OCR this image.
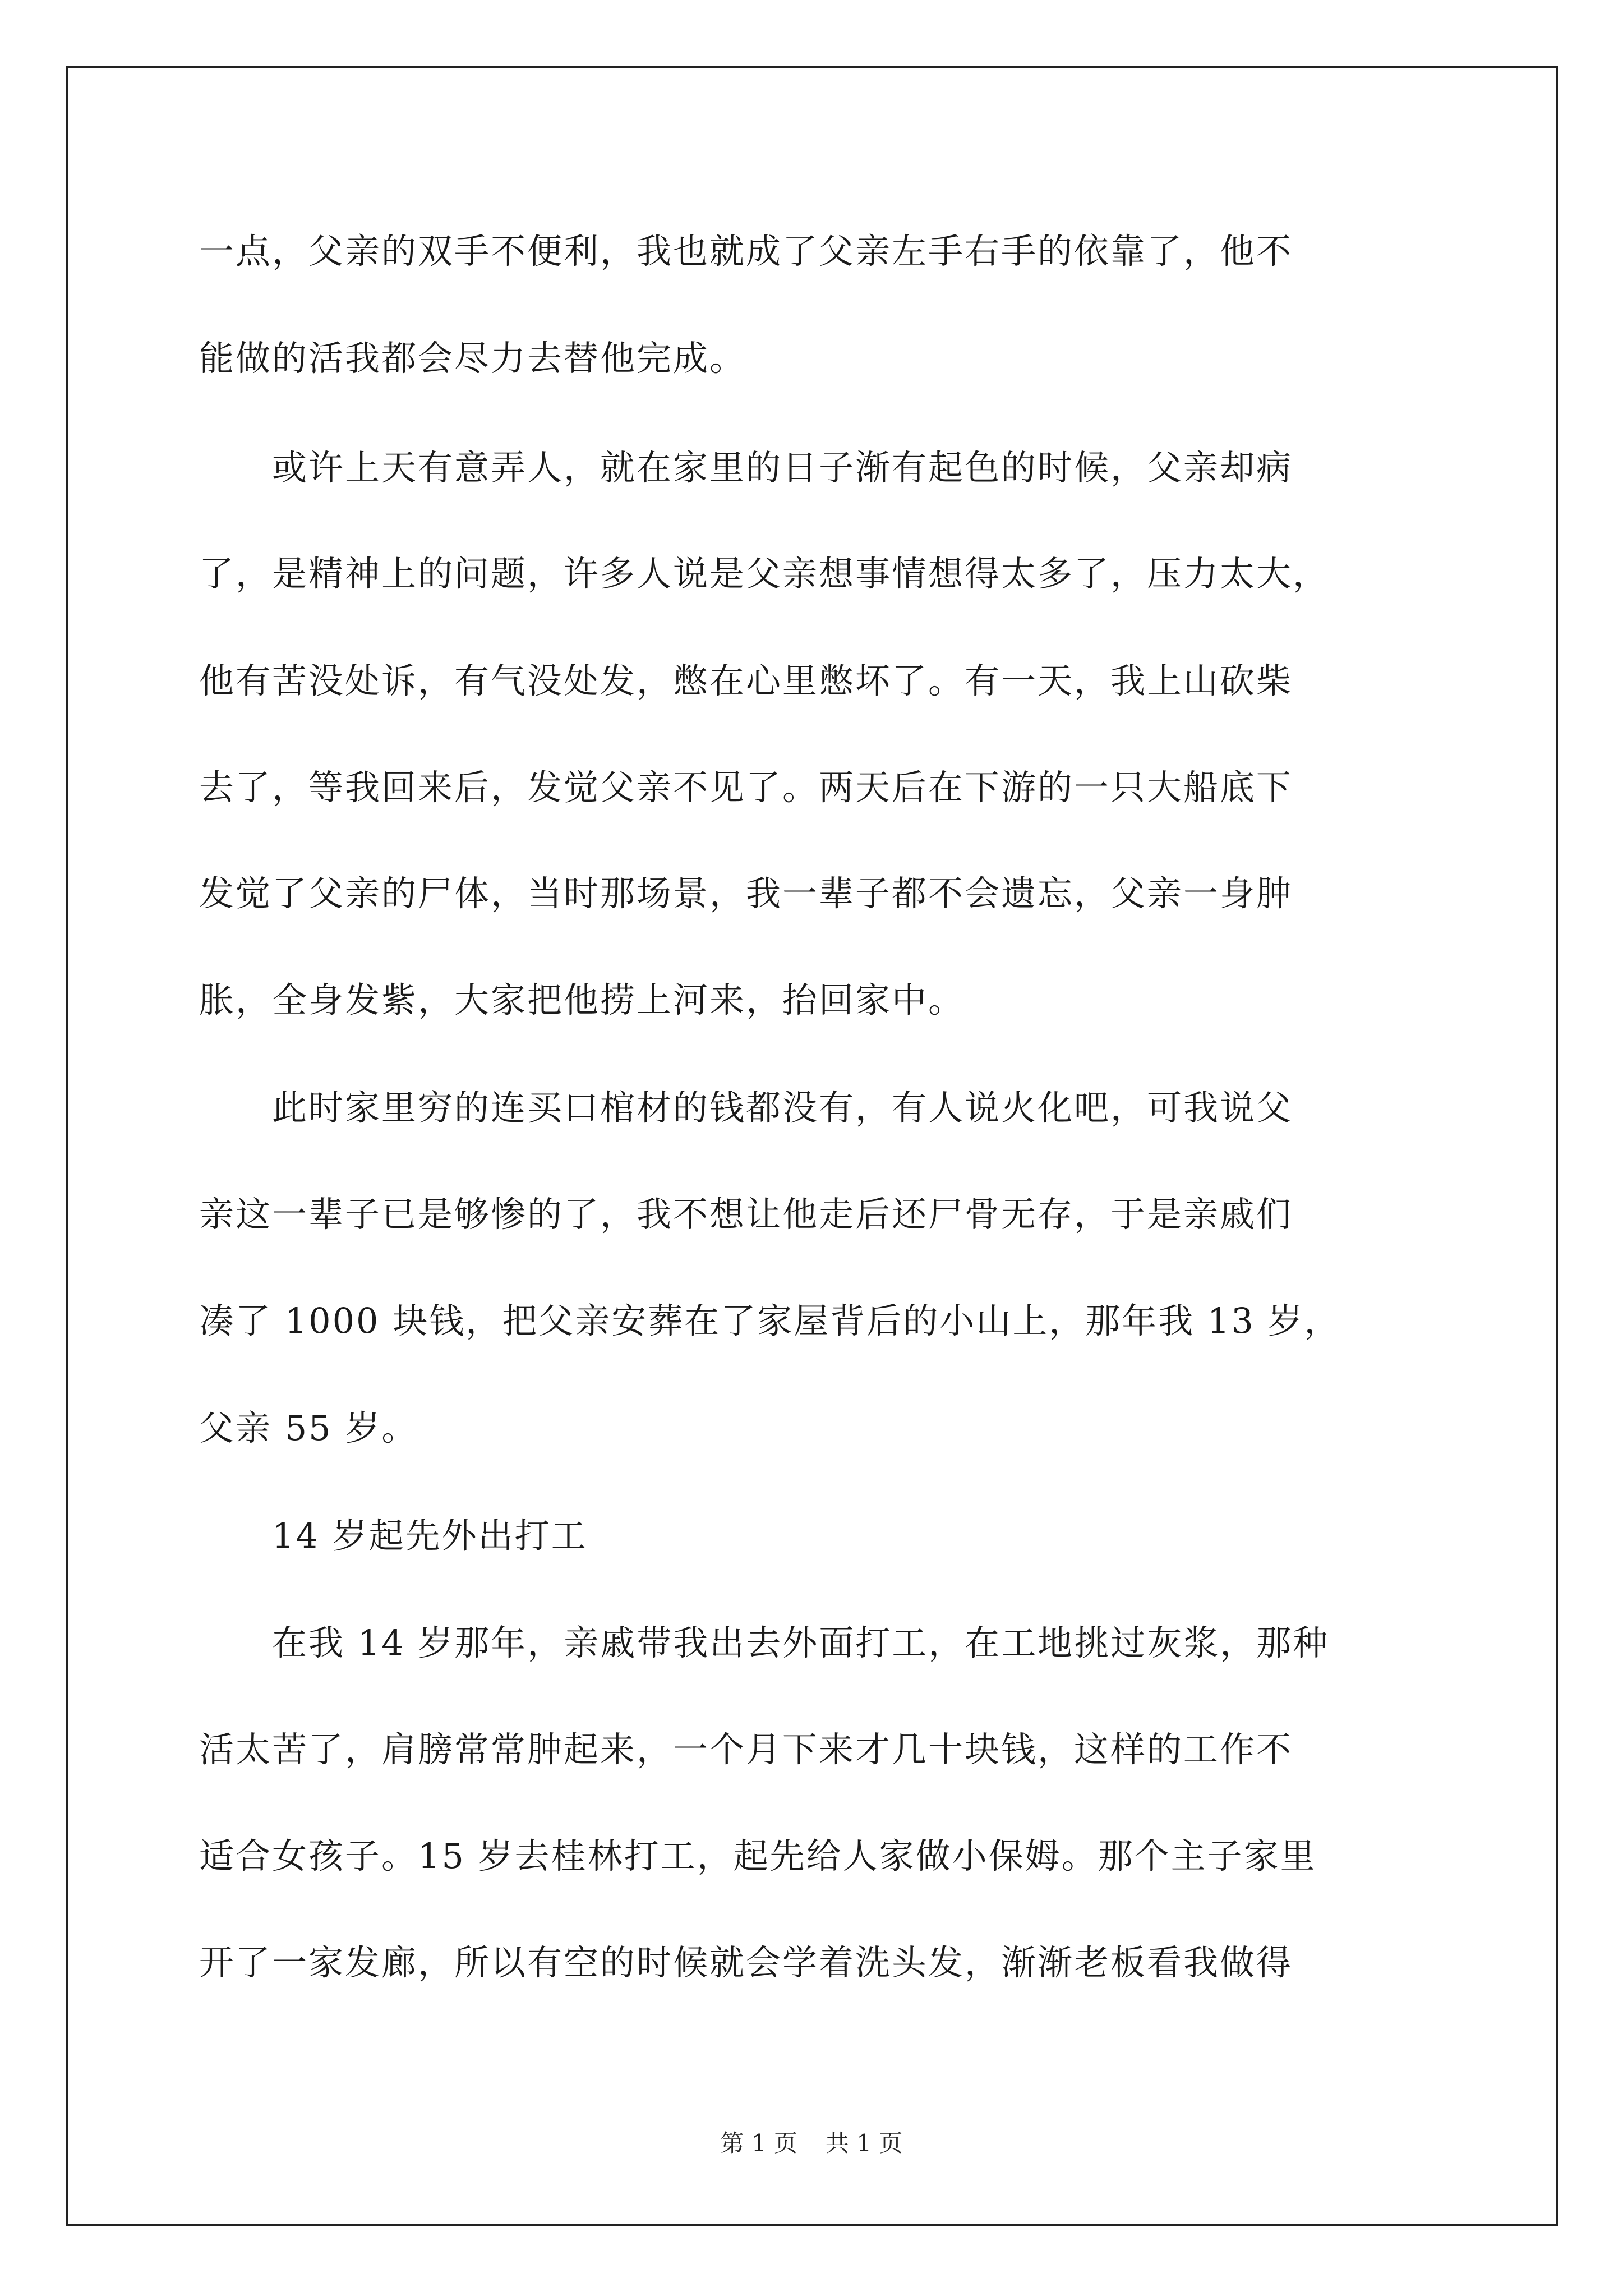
一点，父亲的双手不便利，我也就成了父亲左手右手的依靠了，他不
能做的活我都会尽力去替他完成。
　　或许上天有意弄人，就在家里的日子渐有起色的时候，父亲却病
了，是精神上的问题，许多人说是父亲想事情想得太多了，压力太大，
他有苦没处诉，有气没处发，憋在心里憋坏了。有一天，我上山砍柴
去了，等我回来后，发觉父亲不见了。两天后在下游的一只大船底下
发觉了父亲的尸体，当时那场景，我一辈子都不会遗忘，父亲一身肿
胀，全身发紫，大家把他捞上河来，抬回家中。
　　此时家里穷的连买口棺材的钱都没有，有人说火化吧，可我说父
亲这一辈子已是够惨的了，我不想让他走后还尸骨无存，于是亲戚们
凑了 1000 块钱，把父亲安葬在了家屋背后的小山上，那年我 13 岁，
父亲 55 岁。
　　14 岁起先外出打工
　　在我 14 岁那年，亲戚带我出去外面打工，在工地挑过灰浆，那种
活太苦了，肩膀常常肿起来，一个月下来才几十块钱，这样的工作不
适合女孩子。15 岁去桂林打工，起先给人家做小保姆。那个主子家里
开了一家发廊，所以有空的时候就会学着洗头发，渐渐老板看我做得
第 1 页 共 1 页
